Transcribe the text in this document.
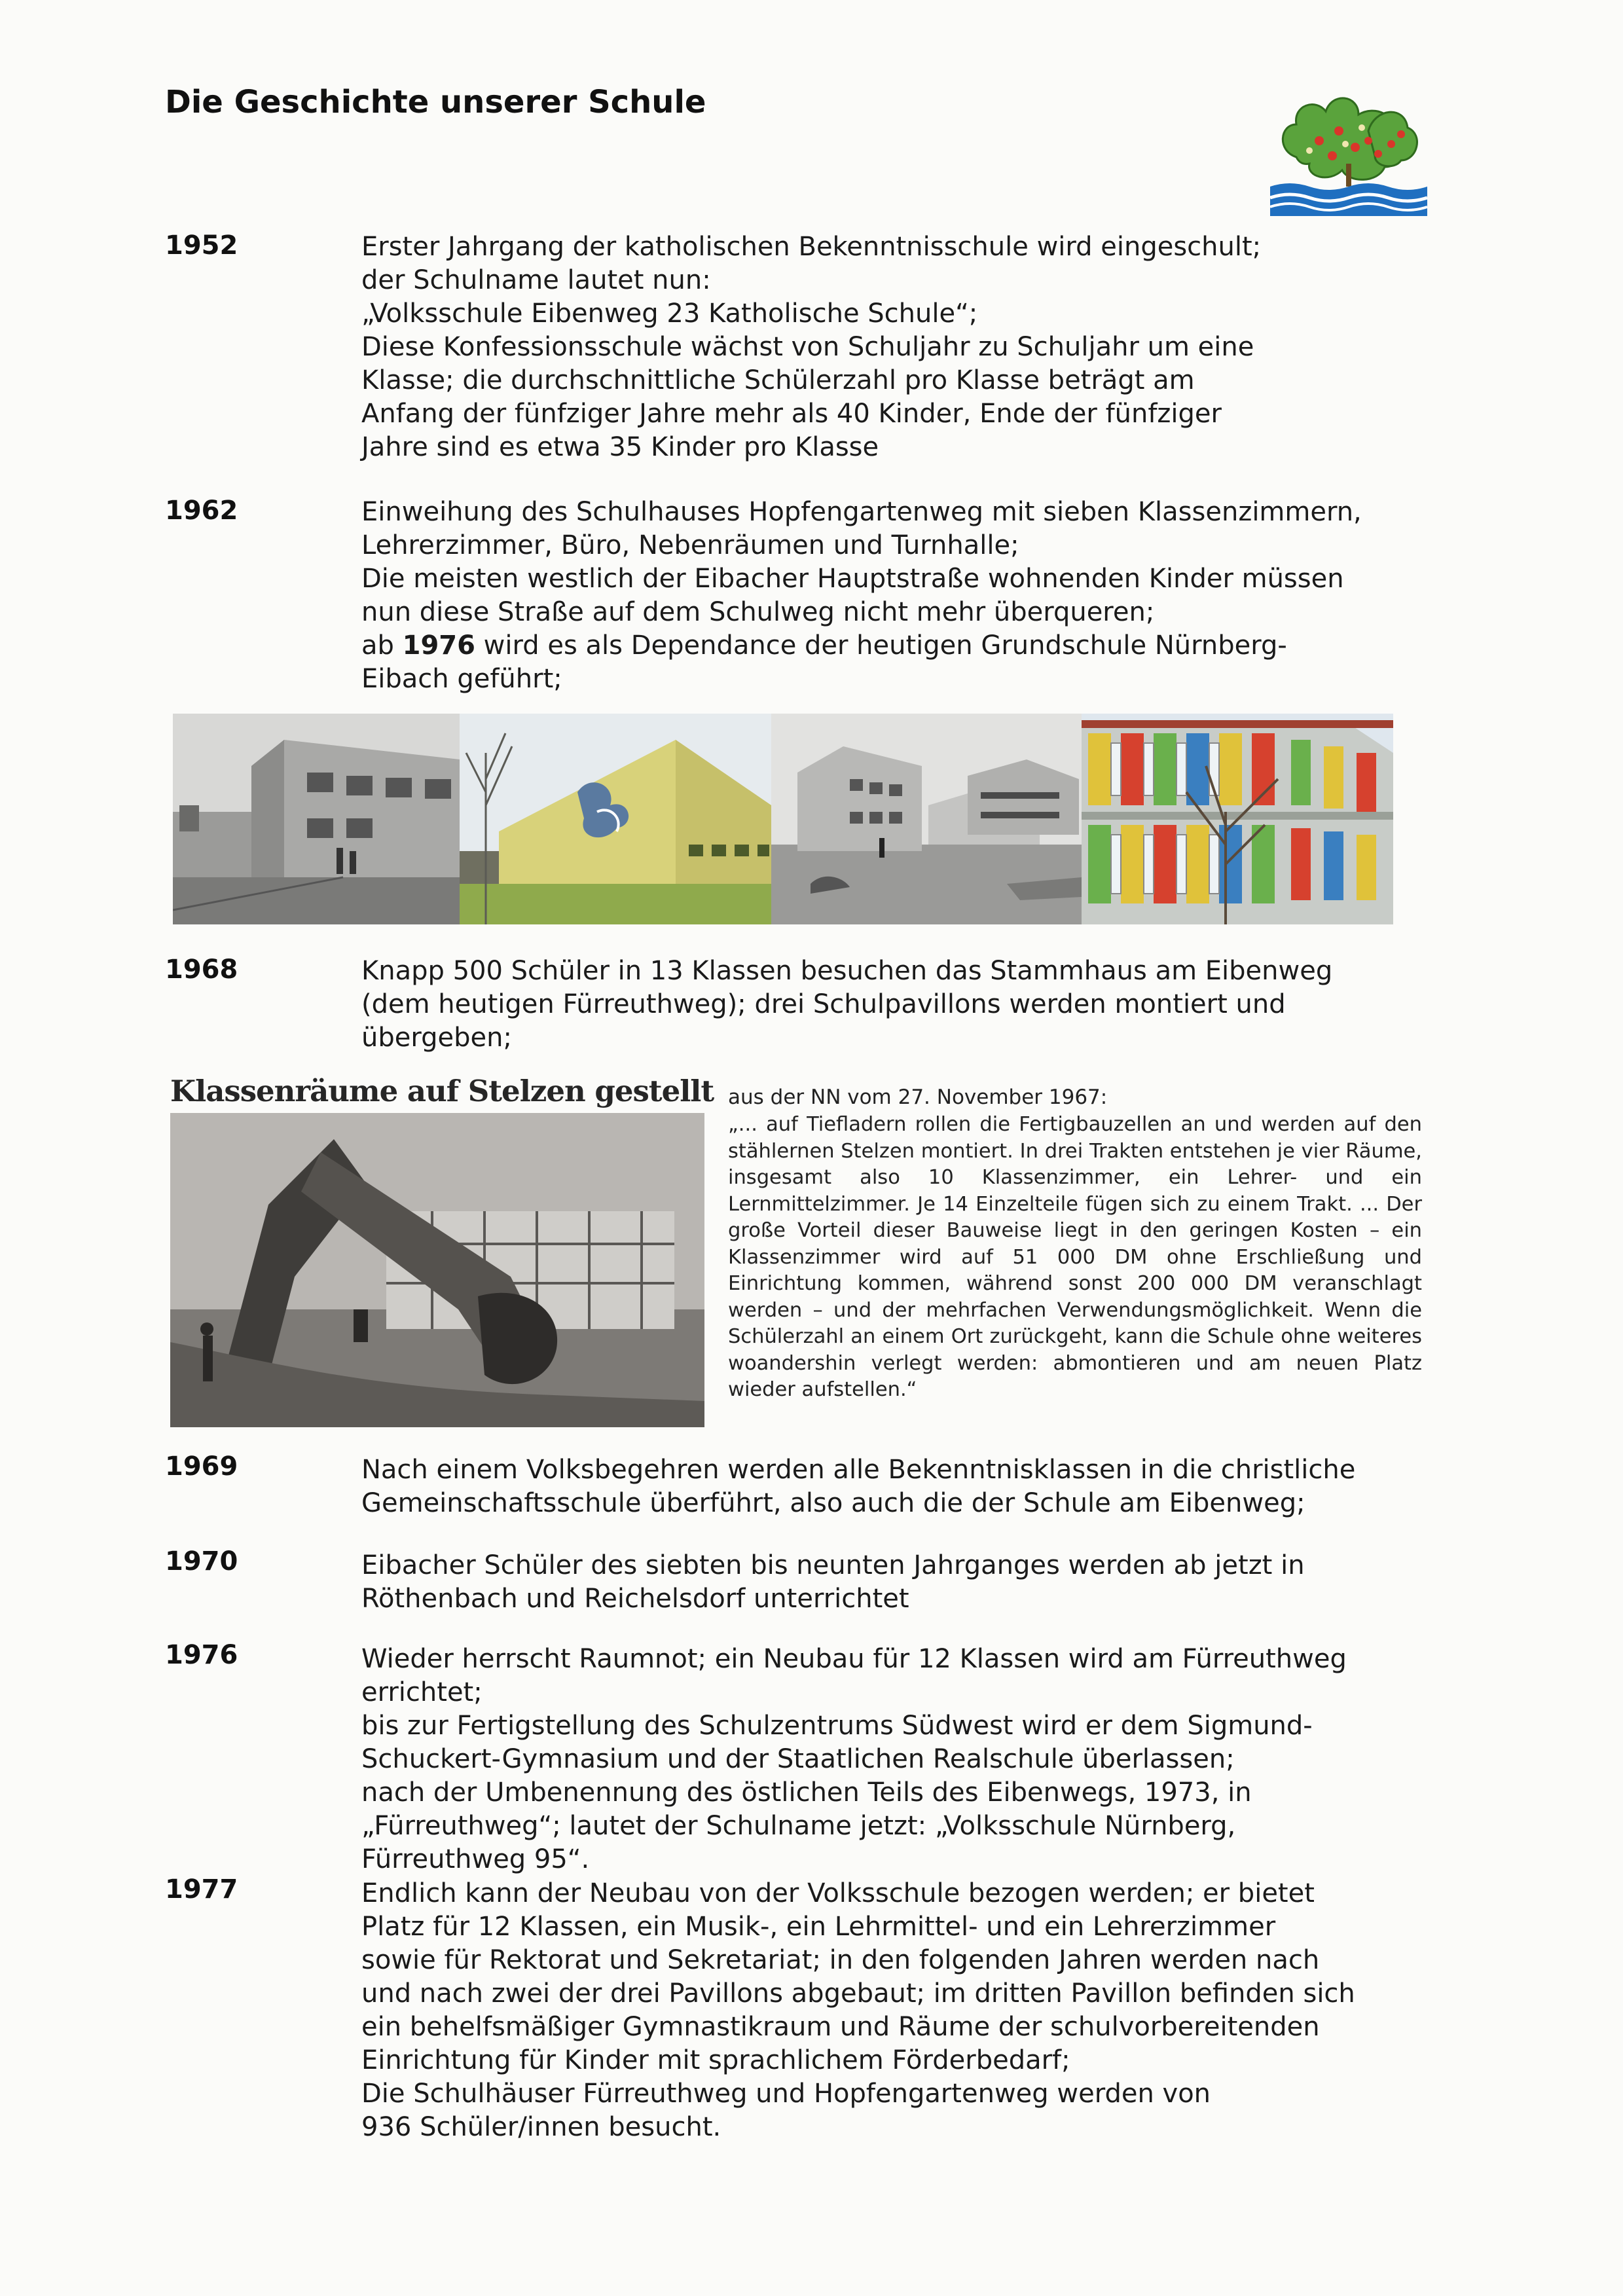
Die Geschichte unserer Schule
1952	Erster Jahrgang der katholischen Bekenntnisschule wird eingeschult;
der Schulname lautet nun:
„Volksschule Eibenweg 23 Katholische Schule“;
Diese Konfessionsschule wächst von Schuljahr zu Schuljahr um eine
Klasse; die durchschnittliche Schülerzahl pro Klasse beträgt am
Anfang der fünfziger Jahre mehr als 40 Kinder, Ende der fünfziger
Jahre sind es etwa 35 Kinder pro Klasse
1962	Einweihung des Schulhauses Hopfengartenweg mit sieben Klassenzimmern,
Lehrerzimmer, Büro, Nebenräumen und Turnhalle;
Die meisten westlich der Eibacher Hauptstraße wohnenden Kinder müssen
nun diese Straße auf dem Schulweg nicht mehr überqueren;
ab 1976 wird es als Dependance der heutigen Grundschule Nürnberg-
Eibach geführt;
1968	Knapp 500 Schüler in 13 Klassen besuchen das Stammhaus am Eibenweg
(dem heutigen Fürreuthweg); drei Schulpavillons werden montiert und
übergeben;
Klassenräume auf Stelzen gestellt aus der NN vom 27. November 1967:
„... auf Tiefladern rollen die Fertigbauzellen an und werden auf den stählernen Stelzen montiert. In drei Trakten entstehen je vier Räume, insgesamt also 10 Klassenzimmer, ein Lehrer- und ein Lernmittelzimmer. Je 14 Einzelteile fügen sich zu einem Trakt. ... Der große Vorteil dieser Bauweise liegt in den geringen Kosten – ein Klassenzimmer wird auf 51 000 DM ohne Erschließung und Einrichtung kommen, während sonst 200 000 DM veranschlagt werden – und der mehrfachen Verwendungsmöglichkeit. Wenn die Schülerzahl an einem Ort zurückgeht, kann die Schule ohne weiteres woandershin verlegt werden: abmontieren und am neuen Platz wieder aufstellen.“
1969	Nach einem Volksbegehren werden alle Bekenntnisklassen in die christliche
Gemeinschaftsschule überführt, also auch die der Schule am Eibenweg;
1970	Eibacher Schüler des siebten bis neunten Jahrganges werden ab jetzt in
Röthenbach und Reichelsdorf unterrichtet
1976	Wieder herrscht Raumnot; ein Neubau für 12 Klassen wird am Fürreuthweg
errichtet;
bis zur Fertigstellung des Schulzentrums Südwest wird er dem Sigmund-
Schuckert-Gymnasium und der Staatlichen Realschule überlassen;
nach der Umbenennung des östlichen Teils des Eibenwegs, 1973, in
„Fürreuthweg“; lautet der Schulname jetzt: „Volksschule Nürnberg,
Fürreuthweg 95“.
1977	Endlich kann der Neubau von der Volksschule bezogen werden; er bietet
Platz für 12 Klassen, ein Musik-, ein Lehrmittel- und ein Lehrerzimmer
sowie für Rektorat und Sekretariat; in den folgenden Jahren werden nach
und nach zwei der drei Pavillons abgebaut; im dritten Pavillon befinden sich
ein behelfsmäßiger Gymnastikraum und Räume der schulvorbereitenden
Einrichtung für Kinder mit sprachlichem Förderbedarf;
Die Schulhäuser Fürreuthweg und Hopfengartenweg werden von
936 Schüler/innen besucht.
